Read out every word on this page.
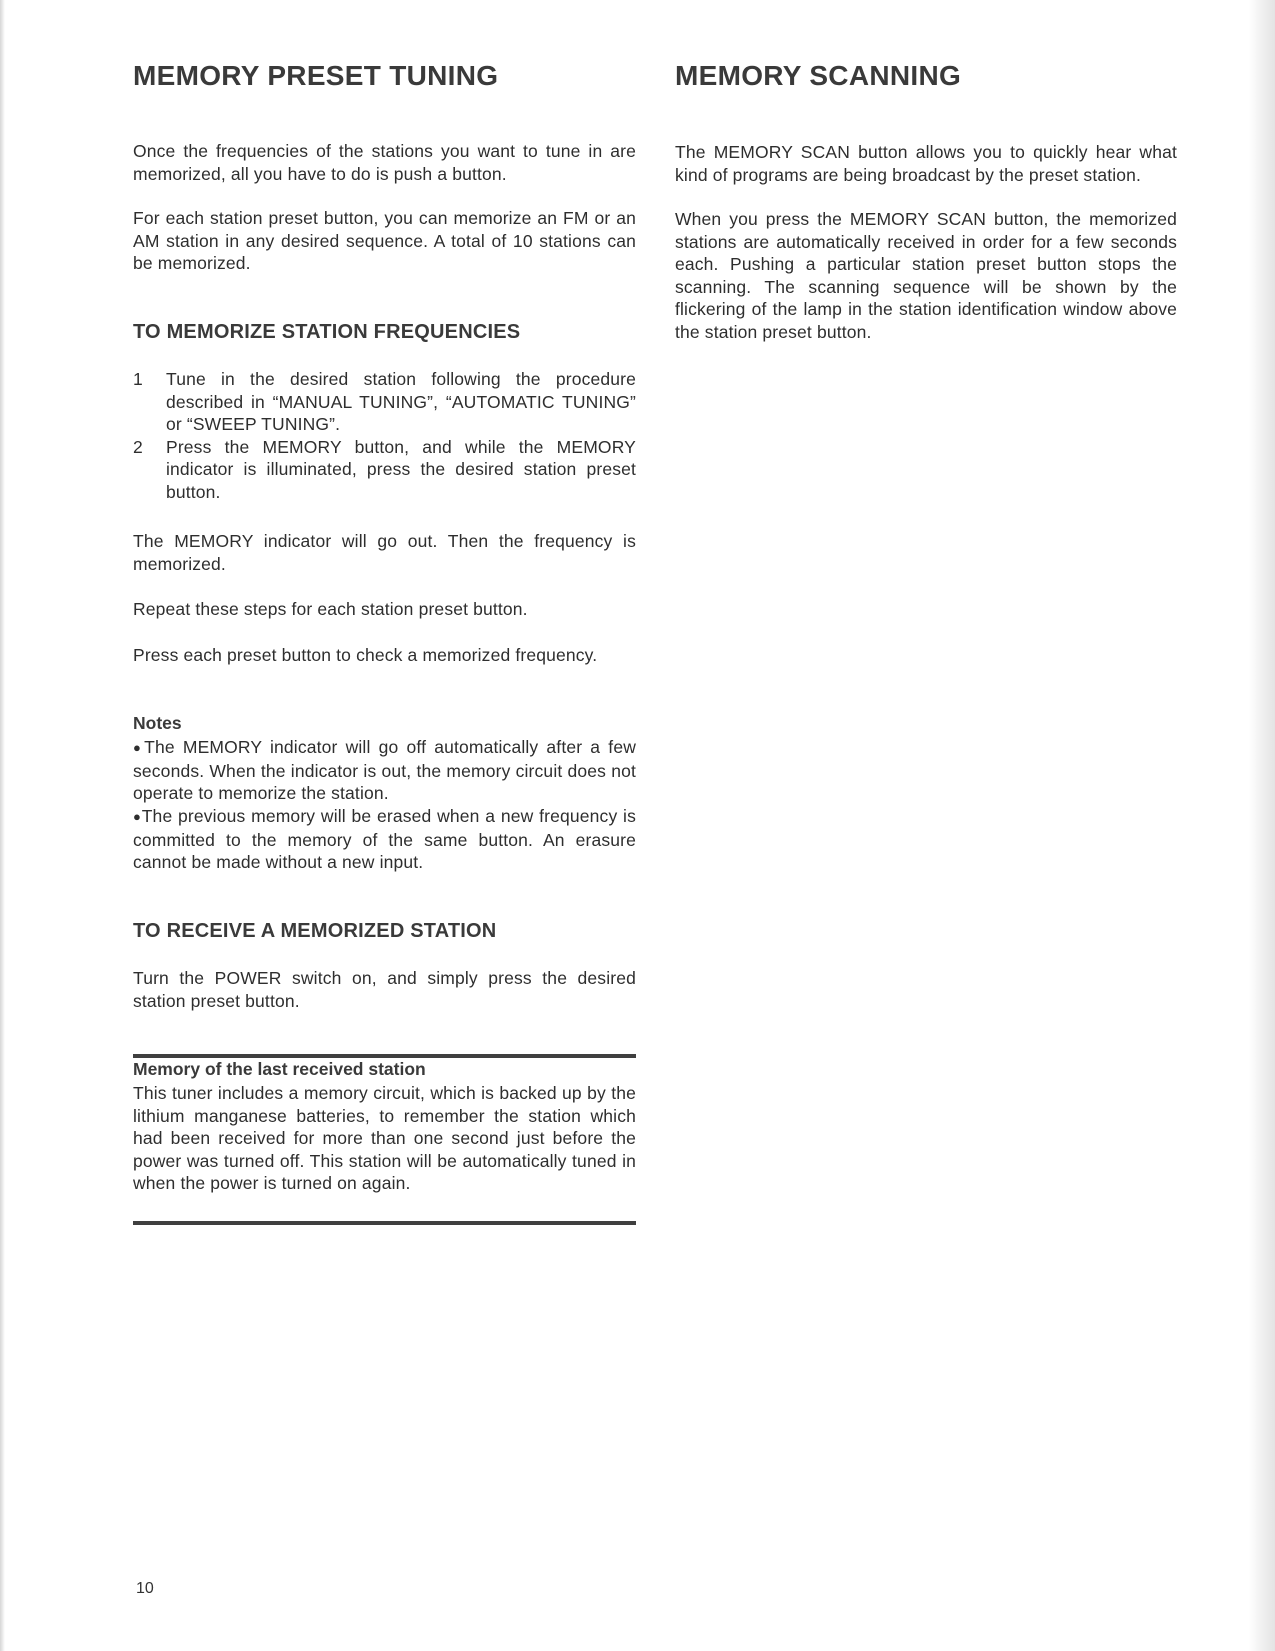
MEMORY PRESET TUNING

Once the frequencies of the stations you want to tune in are memorized, all you have to do is push a button.

For each station preset button, you can memorize an FM or an AM station in any desired sequence. A total of 10 stations can be memorized.

TO MEMORIZE STATION FREQUENCIES
1 Tune in the desired station following the procedure described in “MANUAL TUNING”, “AUTOMATIC TUNING” or “SWEEP TUNING”.
2 Press the MEMORY button, and while the MEMORY indicator is illuminated, press the desired station preset button.

The MEMORY indicator will go out. Then the frequency is memorized.

Repeat these steps for each station preset button.

Press each preset button to check a memorized frequency.

Notes

●The MEMORY indicator will go off automatically after a few seconds. When the indicator is out, the memory circuit does not operate to memorize the station.

●The previous memory will be erased when a new frequency is committed to the memory of the same button. An erasure cannot be made without a new input.

TO RECEIVE A MEMORIZED STATION

Turn the POWER switch on, and simply press the desired station preset button.

Memory of the last received station

This tuner includes a memory circuit, which is backed up by the lithium manganese batteries, to remember the station which had been received for more than one second just before the power was turned off. This station will be automatically tuned in when the power is turned on again.

MEMORY SCANNING

The MEMORY SCAN button allows you to quickly hear what kind of programs are being broadcast by the preset station.

When you press the MEMORY SCAN button, the memorized stations are automatically received in order for a few seconds each. Pushing a particular station preset button stops the scanning. The scanning sequence will be shown by the flickering of the lamp in the station identification window above the station preset button.

10
